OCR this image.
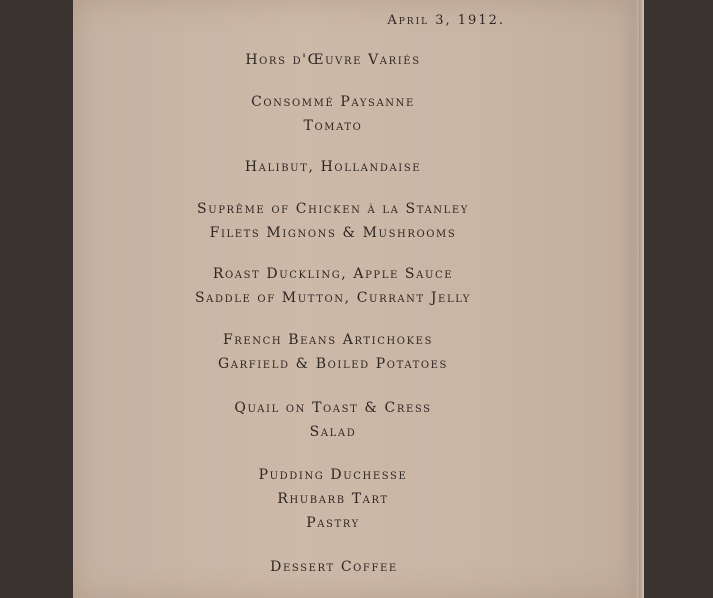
April 3, 1912.
Hors d'Œuvre Variés
Consommé Paysanne
Tomato
Halibut, Hollandaise
Suprême of Chicken à la Stanley
Filets Mignons & Mushrooms
Roast Duckling, Apple Sauce
Saddle of Mutton, Currant Jelly
French Beans Artichokes
Garfield & Boiled Potatoes
Quail on Toast & Cress
Salad
Pudding Duchesse
Rhubarb Tart
Pastry
Dessert Coffee
